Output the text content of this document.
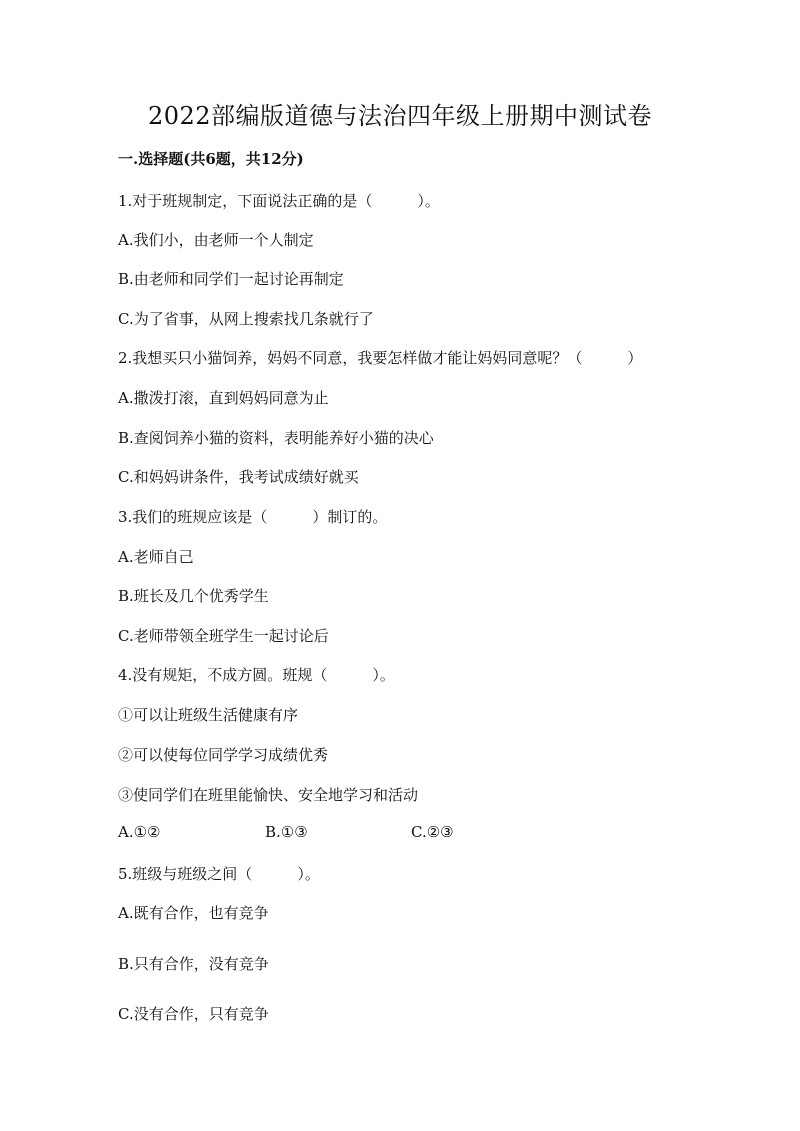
2022部编版道德与法治四年级上册期中测试卷
一.选择题(共6题，共12分)
1.对于班规制定，下面说法正确的是（　　　）。
A.我们小，由老师一个人制定
B.由老师和同学们一起讨论再制定
C.为了省事，从网上搜索找几条就行了
2.我想买只小猫饲养，妈妈不同意，我要怎样做才能让妈妈同意呢？（　　　）
A.撒泼打滚，直到妈妈同意为止
B.查阅饲养小猫的资料，表明能养好小猫的决心
C.和妈妈讲条件，我考试成绩好就买
3.我们的班规应该是（　　　）制订的。
A.老师自己
B.班长及几个优秀学生
C.老师带领全班学生一起讨论后
4.没有规矩，不成方圆。班规（　　　）。
①可以让班级生活健康有序
②可以使每位同学学习成绩优秀
③使同学们在班里能愉快、安全地学习和活动
A.①②	B.①③	C.②③
5.班级与班级之间（　　　）。
A.既有合作，也有竞争
B.只有合作，没有竞争
C.没有合作，只有竞争
